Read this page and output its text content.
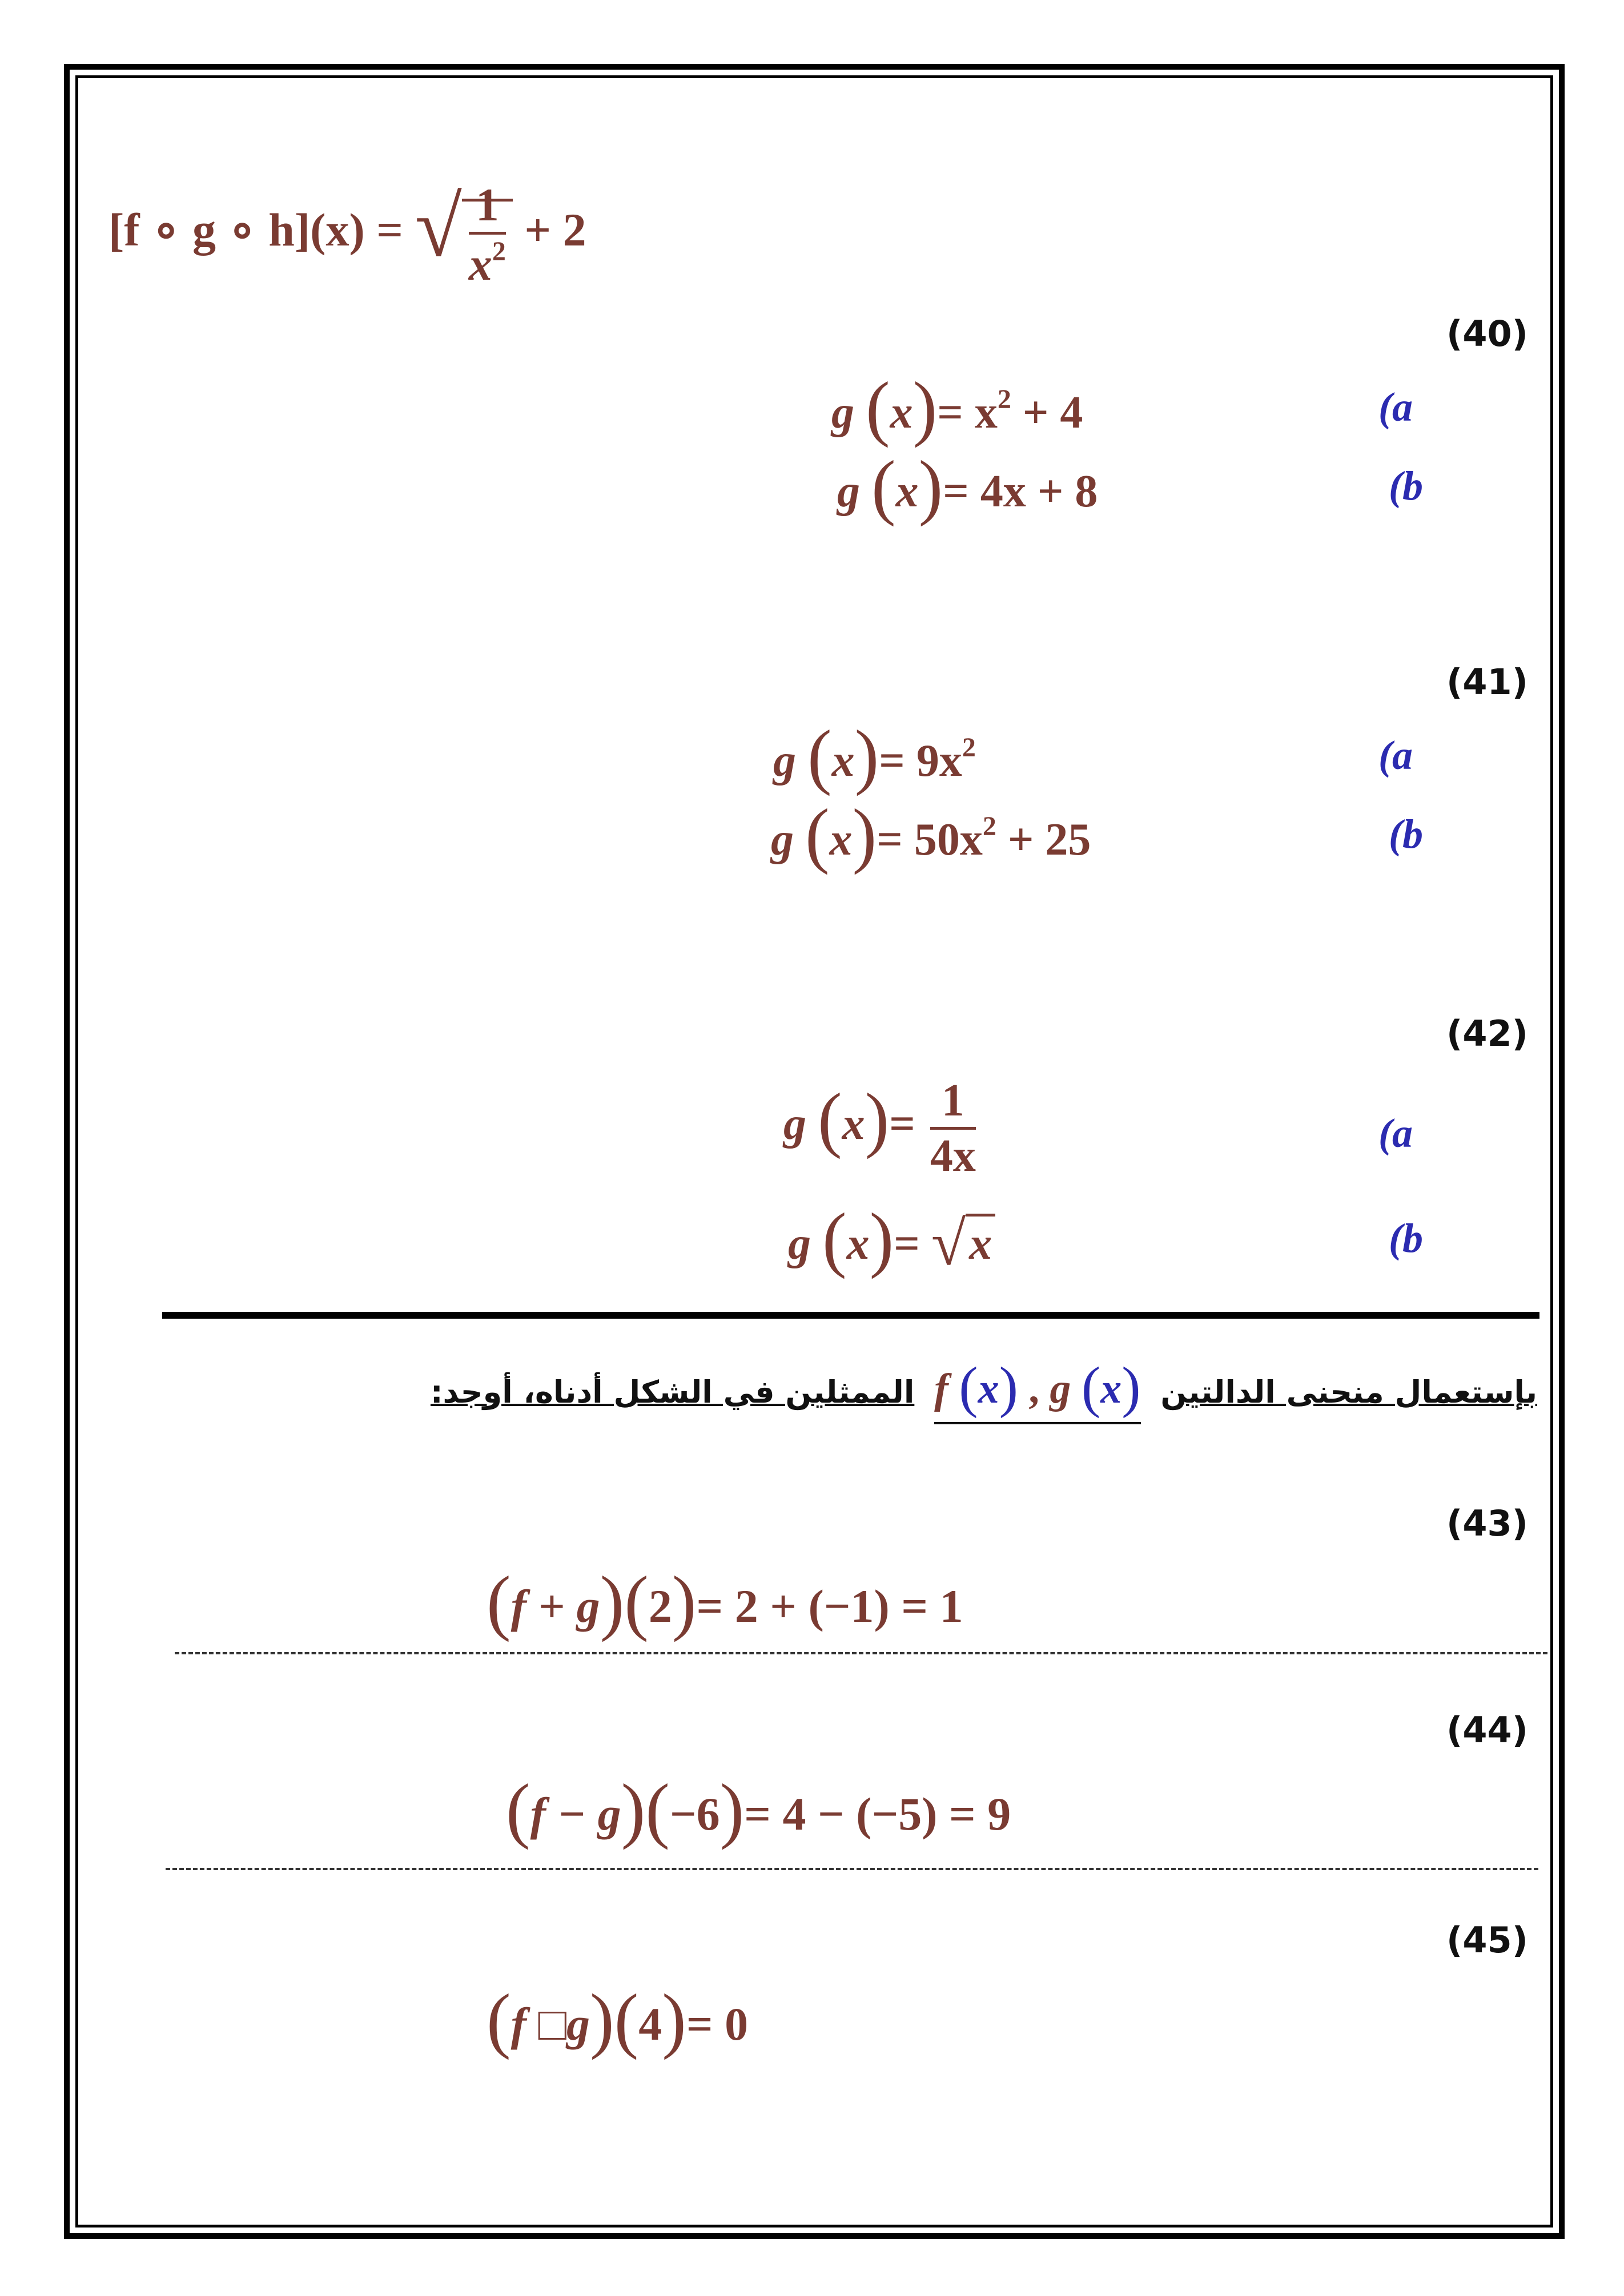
[f ∘ g ∘ h](x) = √ $\frac{1}{x^2} + 2$
(40)
g $(x)= x^2 + 4$	(a
g (x)= 4x + 8	(b
(41)
g $(x)= 9x^2$	(a
g $(x)= 50x^2 + 25$	(b
(42)
g $(x)= \frac{1}{4x}$	(a
g (x)= √x	(b
بإستعمال منحنى الدالتين f (x) , g (x) الممثلين في الشكل أدناه، أوجد:
(43)
(f + g)(2)= 2 + (−1) = 1
(44)
(f − g)(−6)= 4 − (−5) = 9
(45)
(f □g)(4)= 0
